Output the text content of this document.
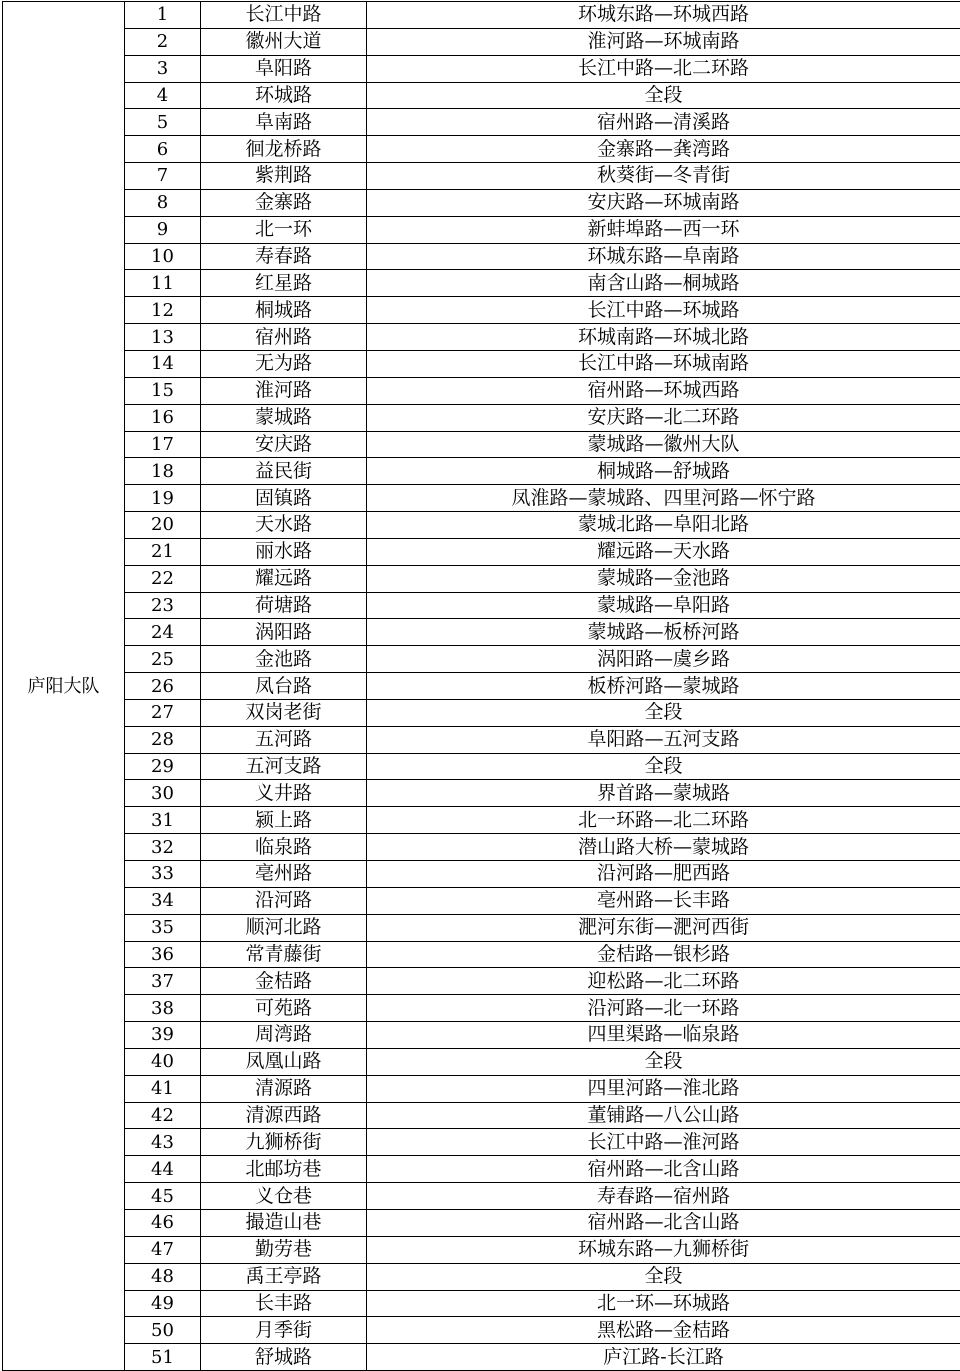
庐阳大队	1	长江中路	环城东路—环城西路
	2	徽州大道	淮河路—环城南路
	3	阜阳路	长江中路—北二环路
	4	环城路	全段
	5	阜南路	宿州路—清溪路
	6	徊龙桥路	金寨路—龚湾路
	7	紫荆路	秋葵街—冬青街
	8	金寨路	安庆路—环城南路
	9	北一环	新蚌埠路—西一环
	10	寿春路	环城东路—阜南路
	11	红星路	南含山路—桐城路
	12	桐城路	长江中路—环城路
	13	宿州路	环城南路—环城北路
	14	无为路	长江中路—环城南路
	15	淮河路	宿州路—环城西路
	16	蒙城路	安庆路—北二环路
	17	安庆路	蒙城路—徽州大队
	18	益民街	桐城路—舒城路
	19	固镇路	凤淮路—蒙城路、四里河路—怀宁路
	20	天水路	蒙城北路—阜阳北路
	21	丽水路	耀远路—天水路
	22	耀远路	蒙城路—金池路
	23	荷塘路	蒙城路—阜阳路
	24	涡阳路	蒙城路—板桥河路
	25	金池路	涡阳路—虞乡路
	26	凤台路	板桥河路—蒙城路
	27	双岗老街	全段
	28	五河路	阜阳路—五河支路
	29	五河支路	全段
	30	义井路	界首路—蒙城路
	31	颍上路	北一环路—北二环路
	32	临泉路	潜山路大桥—蒙城路
	33	亳州路	沿河路—肥西路
	34	沿河路	亳州路—长丰路
	35	顺河北路	淝河东街—淝河西街
	36	常青藤街	金桔路—银杉路
	37	金桔路	迎松路—北二环路
	38	可苑路	沿河路—北一环路
	39	周湾路	四里渠路—临泉路
	40	凤凰山路	全段
	41	清源路	四里河路—淮北路
	42	清源西路	董铺路—八公山路
	43	九狮桥街	长江中路—淮河路
	44	北邮坊巷	宿州路—北含山路
	45	义仓巷	寿春路—宿州路
	46	撮造山巷	宿州路—北含山路
	47	勤劳巷	环城东路—九狮桥街
	48	禹王亭路	全段
	49	长丰路	北一环—环城路
	50	月季街	黑松路—金桔路
	51	舒城路	庐江路-长江路
